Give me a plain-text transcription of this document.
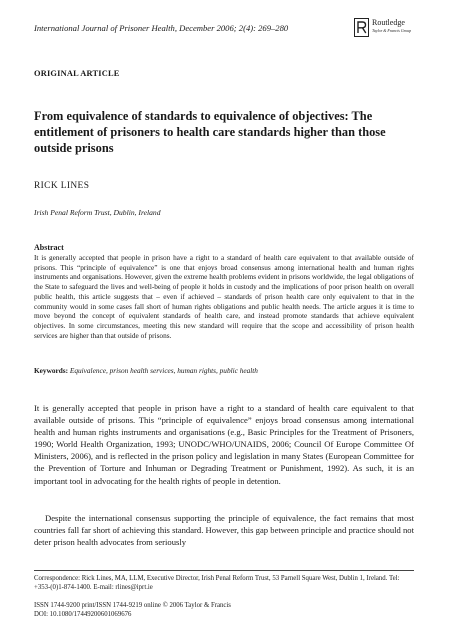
International Journal of Prisoner Health, December 2006; 2(4): 269–280
Routledge
Taylor & Francis Group
ORIGINAL ARTICLE
From equivalence of standards to equivalence of objectives: The entitlement of prisoners to health care standards higher than those outside prisons
RICK LINES
Irish Penal Reform Trust, Dublin, Ireland
Abstract

It is generally accepted that people in prison have a right to a standard of health care equivalent to that available outside of prisons. This “principle of equivalence” is one that enjoys broad consensus among international health and human rights instruments and organisations. However, given the extreme health problems evident in prisons worldwide, the legal obligations of the State to safeguard the lives and well-being of people it holds in custody and the implications of poor prison health on overall public health, this article suggests that – even if achieved – standards of prison health care only equivalent to that in the community would in some cases fall short of human rights obligations and public health needs. The article argues it is time to move beyond the concept of equivalent standards of health care, and instead promote standards that achieve equivalent objectives. In some circumstances, meeting this new standard will require that the scope and accessibility of prison health services are higher than that outside of prisons.

Keywords: Equivalence, prison health services, human rights, public health

It is generally accepted that people in prison have a right to a standard of health care equivalent to that available outside of prisons. This “principle of equivalence” enjoys broad consensus among international health and human rights instruments and organisations (e.g., Basic Principles for the Treatment of Prisoners, 1990; World Health Organization, 1993; UNODC/WHO/UNAIDS, 2006; Council Of Europe Committee Of Ministers, 2006), and is reflected in the prison policy and legislation in many States (European Committee for the Prevention of Torture and Inhuman or Degrading Treatment or Punishment, 1992). As such, it is an important tool in advocating for the health rights of people in detention.

Despite the international consensus supporting the principle of equivalence, the fact remains that most countries fall far short of achieving this standard. However, this gap between principle and practice should not deter prison health advocates from seriously

Correspondence: Rick Lines, MA, LLM, Executive Director, Irish Penal Reform Trust, 53 Parnell Square West, Dublin 1, Ireland. Tel: +353-(0)1-874-1400. E-mail: rlines@iprt.ie

ISSN 1744-9200 print/ISSN 1744-9219 online © 2006 Taylor & Francis
DOI: 10.1080/17449200601069676
